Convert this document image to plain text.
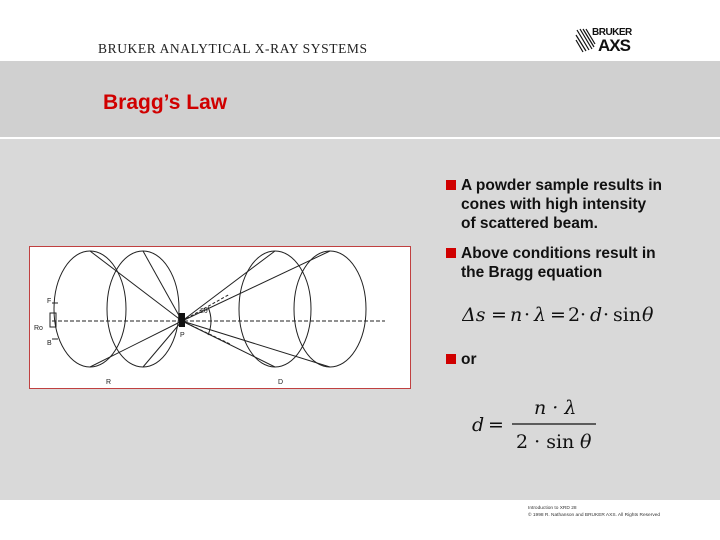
BRUKER ANALYTICAL X-RAY SYSTEMS
BRUKER
AXS
Bragg’s Law
F
Ro
B
P
2θ
R	D
A powder sample results in
cones with high intensity
of scattered beam.
Above conditions result in
the Bragg equation
or
Δs = n · λ = 2 · d · sin θ
d =
n · λ
2 · sin θ
Introduction to XRD 28
© 1998 R. Nathanson and BRUKER AXS. All Rights Reserved
